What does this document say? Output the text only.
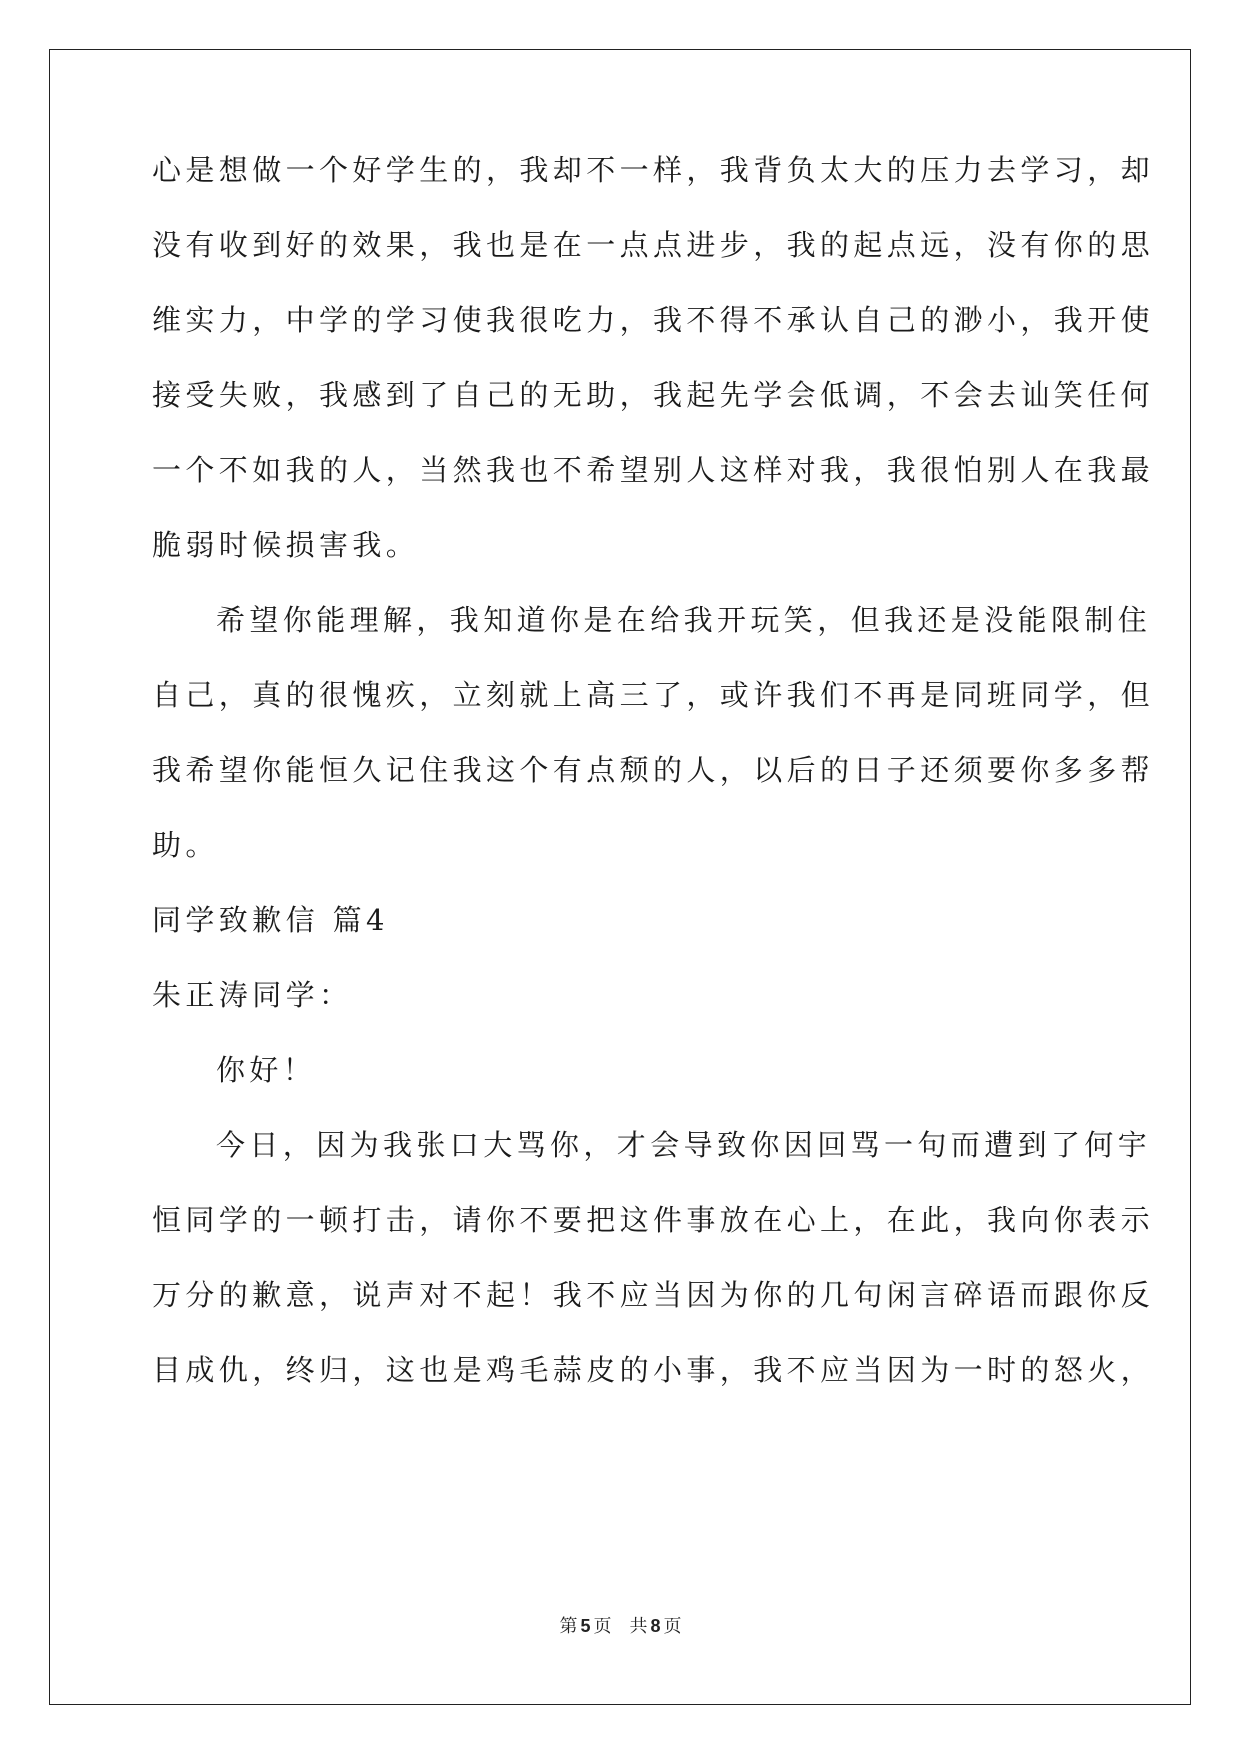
心是想做一个好学生的，我却不一样，我背负太大的压力去学习，却
没有收到好的效果，我也是在一点点进步，我的起点远，没有你的思
维实力，中学的学习使我很吃力，我不得不承认自己的渺小，我开使
接受失败，我感到了自己的无助，我起先学会低调，不会去讪笑任何
一个不如我的人，当然我也不希望别人这样对我，我很怕别人在我最
脆弱时候损害我。
希望你能理解，我知道你是在给我开玩笑，但我还是没能限制住
自己，真的很愧疚，立刻就上高三了，或许我们不再是同班同学，但
我希望你能恒久记住我这个有点颓的人，以后的日子还须要你多多帮
助。
同学致歉信 篇4
朱正涛同学：
你好！
今日，因为我张口大骂你，才会导致你因回骂一句而遭到了何宇
恒同学的一顿打击，请你不要把这件事放在心上，在此，我向你表示
万分的歉意，说声对不起！我不应当因为你的几句闲言碎语而跟你反
目成仇，终归，这也是鸡毛蒜皮的小事，我不应当因为一时的怒火，
第 5 页 共 8 页
